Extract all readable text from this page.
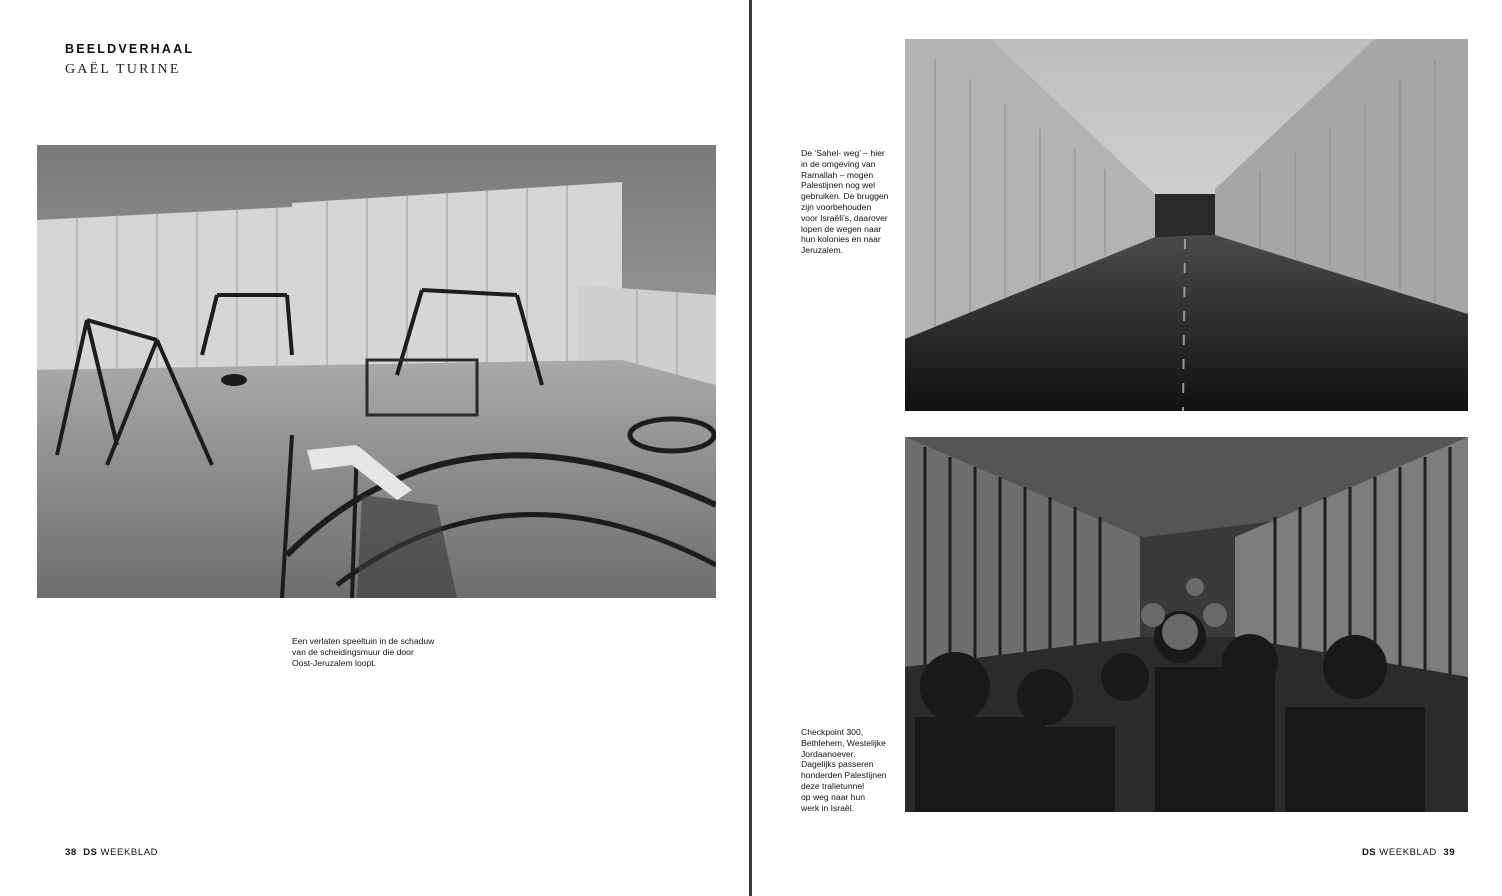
BEELDVERHAAL
GAËL TURINE
Een verlaten speeltuin in de schaduw
van de scheidingsmuur die door
Oost-Jeruzalem loopt.
38 DS WEEKBLAD
De ‘Sahel- weg’ – hier
in de omgeving van
Ramallah – mogen
Palestijnen nog wel
gebruiken. De bruggen
zijn voorbehouden
voor Israëli’s, daarover
lopen de wegen naar
hun kolonies en naar
Jeruzalem.
Checkpoint 300,
Bethlehem, Westelijke
Jordaanoever.
Dagelijks passeren
honderden Palestijnen
deze tralietunnel
op weg naar hun
werk in Israël.
DS WEEKBLAD 39
